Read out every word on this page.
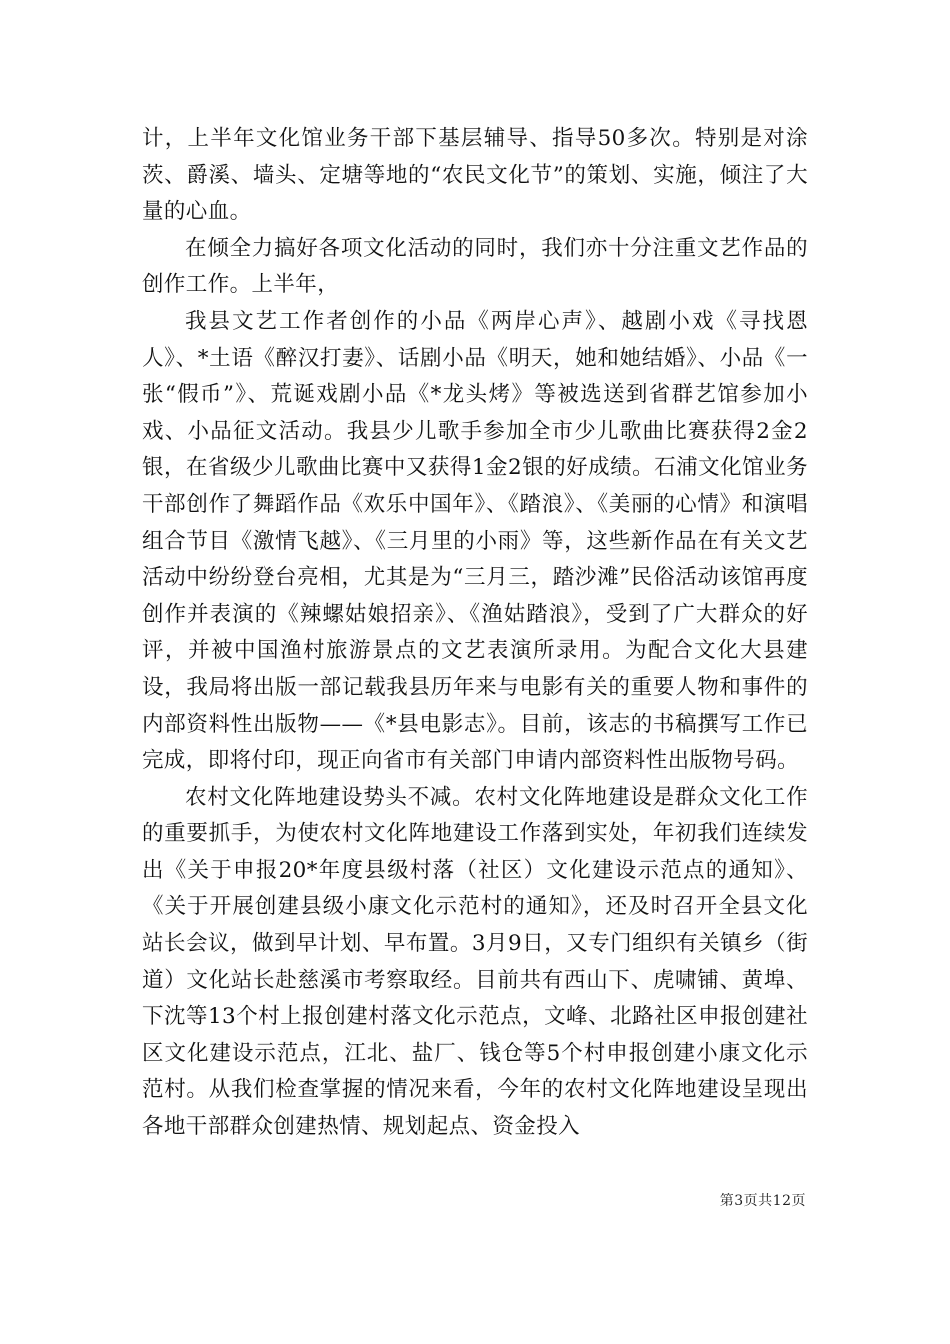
计，上半年文化馆业务干部下基层辅导、指导50多次。特别是对涂茨、爵溪、墙头、定塘等地的“农民文化节”的策划、实施，倾注了大量的心血。

在倾全力搞好各项文化活动的同时，我们亦十分注重文艺作品的创作工作。上半年，

我县文艺工作者创作的小品《两岸心声》、越剧小戏《寻找恩人》、*土语《醉汉打妻》、话剧小品《明天，她和她结婚》、小品《一张“假币”》、荒诞戏剧小品《*龙头烤》等被选送到省群艺馆参加小戏、小品征文活动。我县少儿歌手参加全市少儿歌曲比赛获得2金2银，在省级少儿歌曲比赛中又获得1金2银的好成绩。石浦文化馆业务干部创作了舞蹈作品《欢乐中国年》、《踏浪》、《美丽的心情》和演唱组合节目《激情飞越》、《三月里的小雨》等，这些新作品在有关文艺活动中纷纷登台亮相，尤其是为“三月三，踏沙滩”民俗活动该馆再度创作并表演的《辣螺姑娘招亲》、《渔姑踏浪》，受到了广大群众的好评，并被中国渔村旅游景点的文艺表演所录用。为配合文化大县建设，我局将出版一部记载我县历年来与电影有关的重要人物和事件的内部资料性出版物——《*县电影志》。目前，该志的书稿撰写工作已完成，即将付印，现正向省市有关部门申请内部资料性出版物号码。

农村文化阵地建设势头不减。农村文化阵地建设是群众文化工作的重要抓手，为使农村文化阵地建设工作落到实处，年初我们连续发出《关于申报20*年度县级村落（社区）文化建设示范点的通知》、《关于开展创建县级小康文化示范村的通知》，还及时召开全县文化站长会议，做到早计划、早布置。3月9日，又专门组织有关镇乡（街道）文化站长赴慈溪市考察取经。目前共有西山下、虎啸铺、黄埠、下沈等13个村上报创建村落文化示范点，文峰、北路社区申报创建社区文化建设示范点，江北、盐厂、钱仓等5个村申报创建小康文化示范村。从我们检查掌握的情况来看，今年的农村文化阵地建设呈现出各地干部群众创建热情、规划起点、资金投入

第3页共12页
